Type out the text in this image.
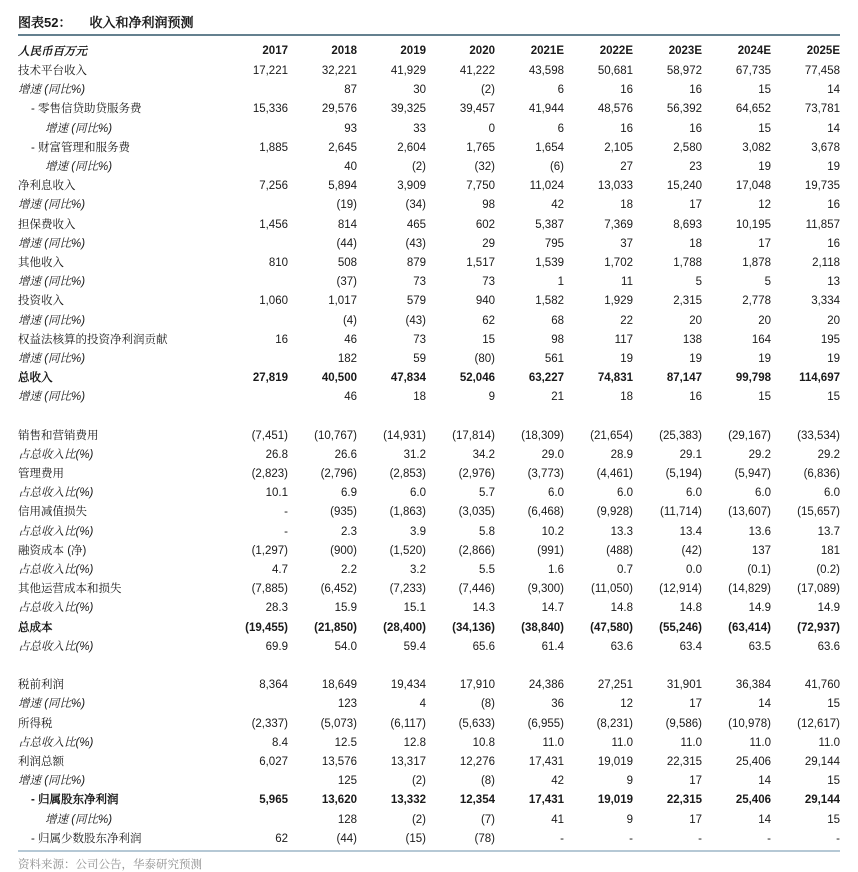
图表52： 收入和净利润预测
人民币百万元	2017	2018	2019	2020	2021E	2022E	2023E	2024E	2025E
技术平台收入	17,221	32,221	41,929	41,222	43,598	50,681	58,972	67,735	77,458
增速 (同比%)		87	30	(2)	6	16	16	15	14
- 零售信贷助贷服务费	15,336	29,576	39,325	39,457	41,944	48,576	56,392	64,652	73,781
增速 (同比%)		93	33	0	6	16	16	15	14
- 财富管理和服务费	1,885	2,645	2,604	1,765	1,654	2,105	2,580	3,082	3,678
增速 (同比%)		40	(2)	(32)	(6)	27	23	19	19
净利息收入	7,256	5,894	3,909	7,750	11,024	13,033	15,240	17,048	19,735
增速 (同比%)		(19)	(34)	98	42	18	17	12	16
担保费收入	1,456	814	465	602	5,387	7,369	8,693	10,195	11,857
增速 (同比%)		(44)	(43)	29	795	37	18	17	16
其他收入	810	508	879	1,517	1,539	1,702	1,788	1,878	2,118
增速 (同比%)		(37)	73	73	1	11	5	5	13
投资收入	1,060	1,017	579	940	1,582	1,929	2,315	2,778	3,334
增速 (同比%)		(4)	(43)	62	68	22	20	20	20
权益法核算的投资净利润贡献	16	46	73	15	98	117	138	164	195
增速 (同比%)		182	59	(80)	561	19	19	19	19
总收入	27,819	40,500	47,834	52,046	63,227	74,831	87,147	99,798	114,697
增速 (同比%)		46	18	9	21	18	16	15	15

销售和营销费用	(7,451)	(10,767)	(14,931)	(17,814)	(18,309)	(21,654)	(25,383)	(29,167)	(33,534)
占总收入比(%)	26.8	26.6	31.2	34.2	29.0	28.9	29.1	29.2	29.2
管理费用	(2,823)	(2,796)	(2,853)	(2,976)	(3,773)	(4,461)	(5,194)	(5,947)	(6,836)
占总收入比(%)	10.1	6.9	6.0	5.7	6.0	6.0	6.0	6.0	6.0
信用减值损失	-	(935)	(1,863)	(3,035)	(6,468)	(9,928)	(11,714)	(13,607)	(15,657)
占总收入比(%)	-	2.3	3.9	5.8	10.2	13.3	13.4	13.6	13.7
融资成本 (净)	(1,297)	(900)	(1,520)	(2,866)	(991)	(488)	(42)	137	181
占总收入比(%)	4.7	2.2	3.2	5.5	1.6	0.7	0.0	(0.1)	(0.2)
其他运营成本和损失	(7,885)	(6,452)	(7,233)	(7,446)	(9,300)	(11,050)	(12,914)	(14,829)	(17,089)
占总收入比(%)	28.3	15.9	15.1	14.3	14.7	14.8	14.8	14.9	14.9
总成本	(19,455)	(21,850)	(28,400)	(34,136)	(38,840)	(47,580)	(55,246)	(63,414)	(72,937)
占总收入比(%)	69.9	54.0	59.4	65.6	61.4	63.6	63.4	63.5	63.6

税前利润	8,364	18,649	19,434	17,910	24,386	27,251	31,901	36,384	41,760
增速 (同比%)		123	4	(8)	36	12	17	14	15
所得税	(2,337)	(5,073)	(6,117)	(5,633)	(6,955)	(8,231)	(9,586)	(10,978)	(12,617)
占总收入比(%)	8.4	12.5	12.8	10.8	11.0	11.0	11.0	11.0	11.0
利润总额	6,027	13,576	13,317	12,276	17,431	19,019	22,315	25,406	29,144
增速 (同比%)		125	(2)	(8)	42	9	17	14	15
- 归属股东净利润	5,965	13,620	13,332	12,354	17,431	19,019	22,315	25,406	29,144
增速 (同比%)		128	(2)	(7)	41	9	17	14	15
- 归属少数股东净利润	62	(44)	(15)	(78)	-	-	-	-	-
资料来源：公司公告，华泰研究预测
